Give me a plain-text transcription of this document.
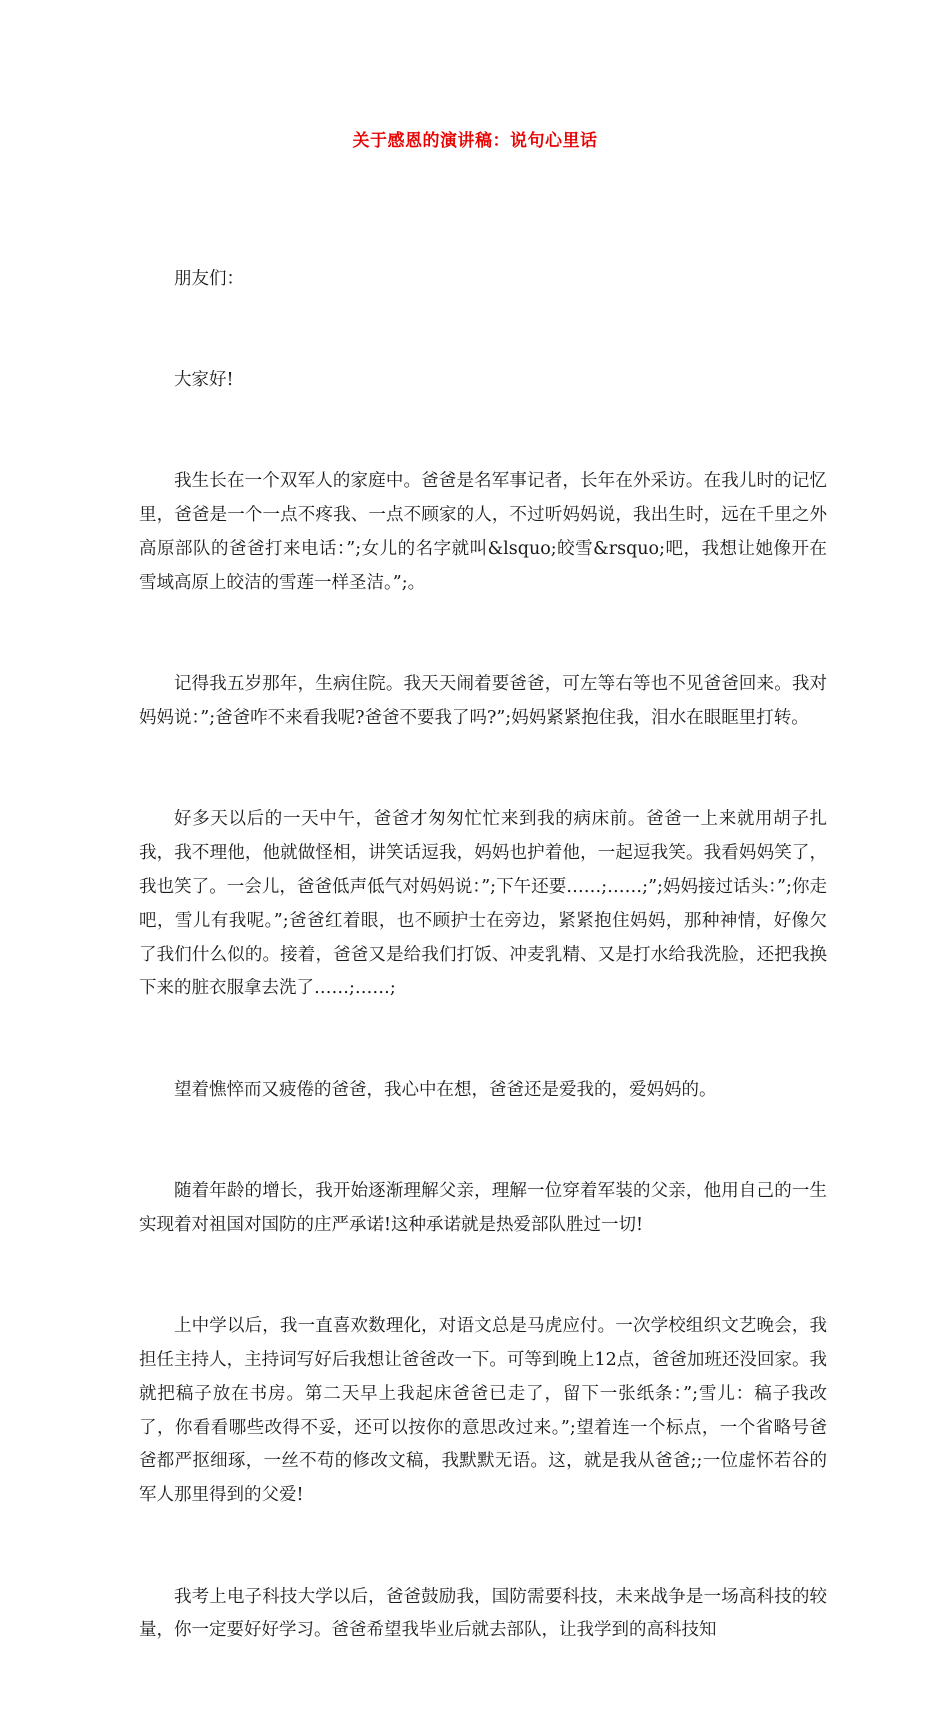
关于感恩的演讲稿：说句心里话

朋友们：

大家好!

我生长在一个双军人的家庭中。爸爸是名军事记者，长年在外采访。在我儿时的记忆里，爸爸是一个一点不疼我、一点不顾家的人，不过听妈妈说，我出生时，远在千里之外高原部队的爸爸打来电话：”;女儿的名字就叫&lsquo;皎雪&rsquo;吧，我想让她像开在雪域高原上皎洁的雪莲一样圣洁。”;。

记得我五岁那年，生病住院。我天天闹着要爸爸，可左等右等也不见爸爸回来。我对妈妈说：”;爸爸咋不来看我呢?爸爸不要我了吗?”;妈妈紧紧抱住我，泪水在眼眶里打转。

好多天以后的一天中午，爸爸才匆匆忙忙来到我的病床前。爸爸一上来就用胡子扎我，我不理他，他就做怪相，讲笑话逗我，妈妈也护着他，一起逗我笑。我看妈妈笑了，我也笑了。一会儿，爸爸低声低气对妈妈说：”;下午还要……;……;”;妈妈接过话头：”;你走吧，雪儿有我呢。”;爸爸红着眼，也不顾护士在旁边，紧紧抱住妈妈，那种神情，好像欠了我们什么似的。接着，爸爸又是给我们打饭、冲麦乳精、又是打水给我洗脸，还把我换下来的脏衣服拿去洗了……;……;

望着憔悴而又疲倦的爸爸，我心中在想，爸爸还是爱我的，爱妈妈的。

随着年龄的增长，我开始逐渐理解父亲，理解一位穿着军装的父亲，他用自己的一生实现着对祖国对国防的庄严承诺!这种承诺就是热爱部队胜过一切!

上中学以后，我一直喜欢数理化，对语文总是马虎应付。一次学校组织文艺晚会，我担任主持人，主持词写好后我想让爸爸改一下。可等到晚上12点，爸爸加班还没回家。我就把稿子放在书房。第二天早上我起床爸爸已走了，留下一张纸条：”;雪儿：稿子我改了，你看看哪些改得不妥，还可以按你的意思改过来。”;望着连一个标点，一个省略号爸爸都严抠细琢，一丝不苟的修改文稿，我默默无语。这，就是我从爸爸;;一位虚怀若谷的军人那里得到的父爱!

我考上电子科技大学以后，爸爸鼓励我，国防需要科技，未来战争是一场高科技的较量，你一定要好好学习。爸爸希望我毕业后就去部队，让我学到的高科技知
